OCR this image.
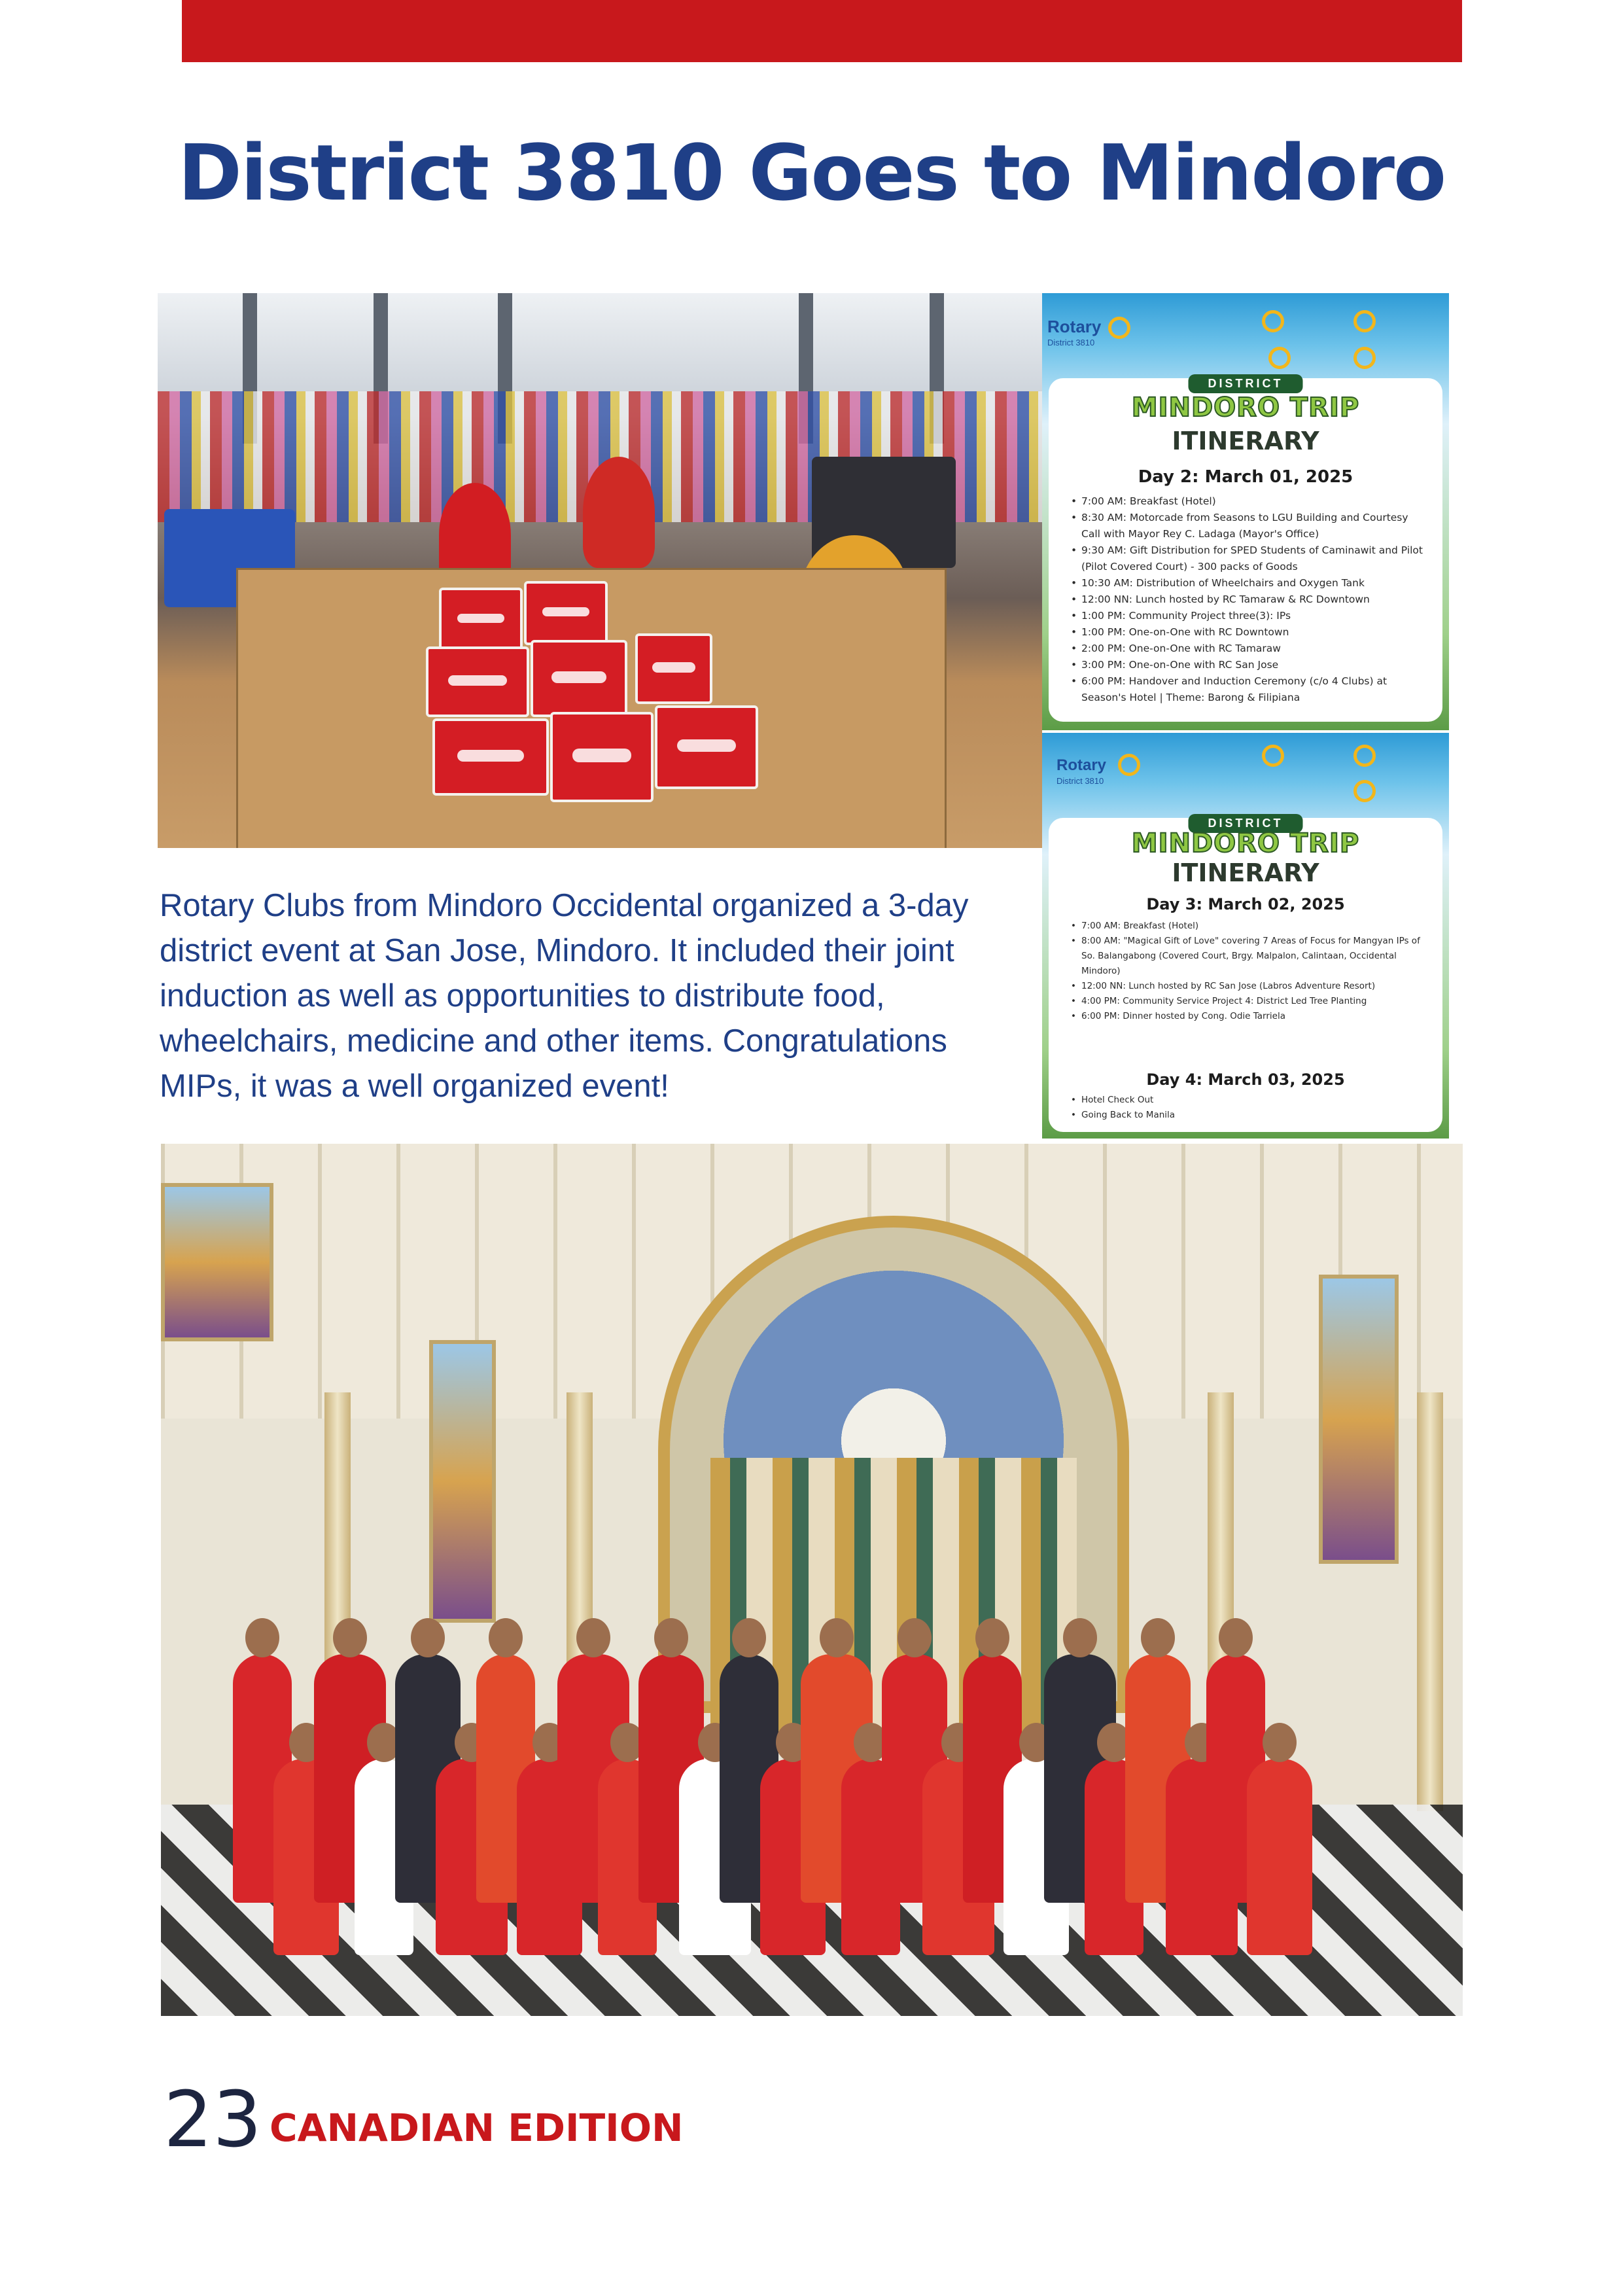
District 3810 Goes to Mindoro
Rotary
District 3810
DISTRICT
MINDORO TRIP
ITINERARY
Day 2: March 01, 2025
• 7:00 AM: Breakfast (Hotel)
• 8:30 AM: Motorcade from Seasons to LGU Building and Courtesy Call with Mayor Rey C. Ladaga (Mayor's Office)
• 9:30 AM: Gift Distribution for SPED Students of Caminawit and Pilot (Pilot Covered Court) - 300 packs of Goods
• 10:30 AM: Distribution of Wheelchairs and Oxygen Tank
• 12:00 NN: Lunch hosted by RC Tamaraw & RC Downtown
• 1:00 PM: Community Project three(3): IPs
• 1:00 PM: One-on-One with RC Downtown
• 2:00 PM: One-on-One with RC Tamaraw
• 3:00 PM: One-on-One with RC San Jose
• 6:00 PM: Handover and Induction Ceremony (c/o 4 Clubs) at Season's Hotel | Theme: Barong & Filipiana
Rotary
District 3810
DISTRICT
MINDORO TRIP
ITINERARY
Day 3: March 02, 2025
• 7:00 AM: Breakfast (Hotel)
• 8:00 AM: "Magical Gift of Love" covering 7 Areas of Focus for Mangyan IPs of So. Balangabong (Covered Court, Brgy. Malpalon, Calintaan, Occidental Mindoro)
• 12:00 NN: Lunch hosted by RC San Jose (Labros Adventure Resort)
• 4:00 PM: Community Service Project 4: District Led Tree Planting
• 6:00 PM: Dinner hosted by Cong. Odie Tarriela
Day 4: March 03, 2025
• Hotel Check Out
• Going Back to Manila
Rotary Clubs from Mindoro Occidental organized a 3-day district event at San Jose, Mindoro. It included their joint induction as well as opportunities to distribute food, wheelchairs, medicine and other items. Congratulations MIPs, it was a well organized event!
23 CANADIAN EDITION
